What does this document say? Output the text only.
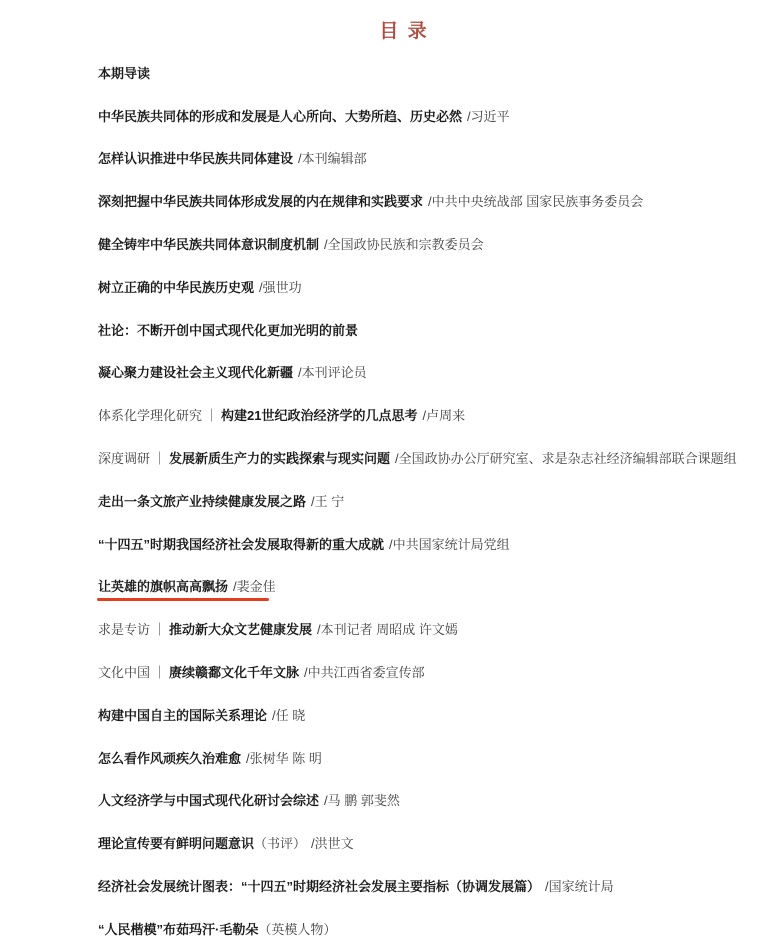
目 录
本期导读
中华民族共同体的形成和发展是人心所向、大势所趋、历史必然 /习近平
怎样认识推进中华民族共同体建设 /本刊编辑部
深刻把握中华民族共同体形成发展的内在规律和实践要求 /中共中央统战部 国家民族事务委员会
健全铸牢中华民族共同体意识制度机制 /全国政协民族和宗教委员会
树立正确的中华民族历史观 /强世功
社论：不断开创中国式现代化更加光明的前景
凝心聚力建设社会主义现代化新疆 /本刊评论员
体系化学理化研究 ｜ 构建21世纪政治经济学的几点思考 /卢周来
深度调研 ｜ 发展新质生产力的实践探索与现实问题 /全国政协办公厅研究室、求是杂志社经济编辑部联合课题组
走出一条文旅产业持续健康发展之路 /王 宁
“十四五”时期我国经济社会发展取得新的重大成就 /中共国家统计局党组
让英雄的旗帜高高飘扬 /裴金佳
求是专访 ｜ 推动新大众文艺健康发展 /本刊记者 周昭成 许文嫣
文化中国 ｜ 赓续赣鄱文化千年文脉 /中共江西省委宣传部
构建中国自主的国际关系理论 /任 晓
怎么看作风顽疾久治难愈 /张树华 陈 明
人文经济学与中国式现代化研讨会综述 /马 鹏 郭斐然
理论宣传要有鲜明问题意识 （书评） /洪世文
经济社会发展统计图表：“十四五”时期经济社会发展主要指标（协调发展篇） /国家统计局
“人民楷模”布茹玛汗·毛勒朵 （英模人物）
